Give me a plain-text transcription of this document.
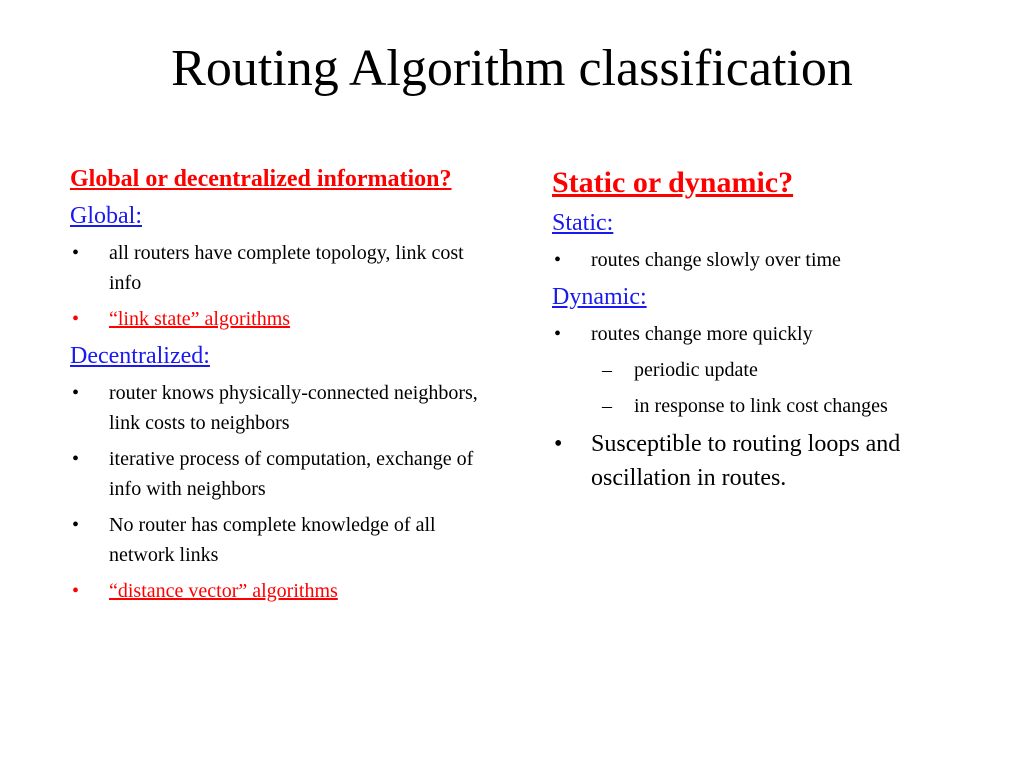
Routing Algorithm classification

Global or decentralized information?

Global:

• all routers have complete topology, link cost info
• “link state” algorithms

Decentralized:

• router knows physically-connected neighbors, link costs to neighbors
• iterative process of computation, exchange of info with neighbors
• No router has complete knowledge of all network links
• “distance vector” algorithms

Static or dynamic?

Static:

• routes change slowly over time

Dynamic:

• routes change more quickly
– periodic update
– in response to link cost changes
• Susceptible to routing loops and oscillation in routes.
